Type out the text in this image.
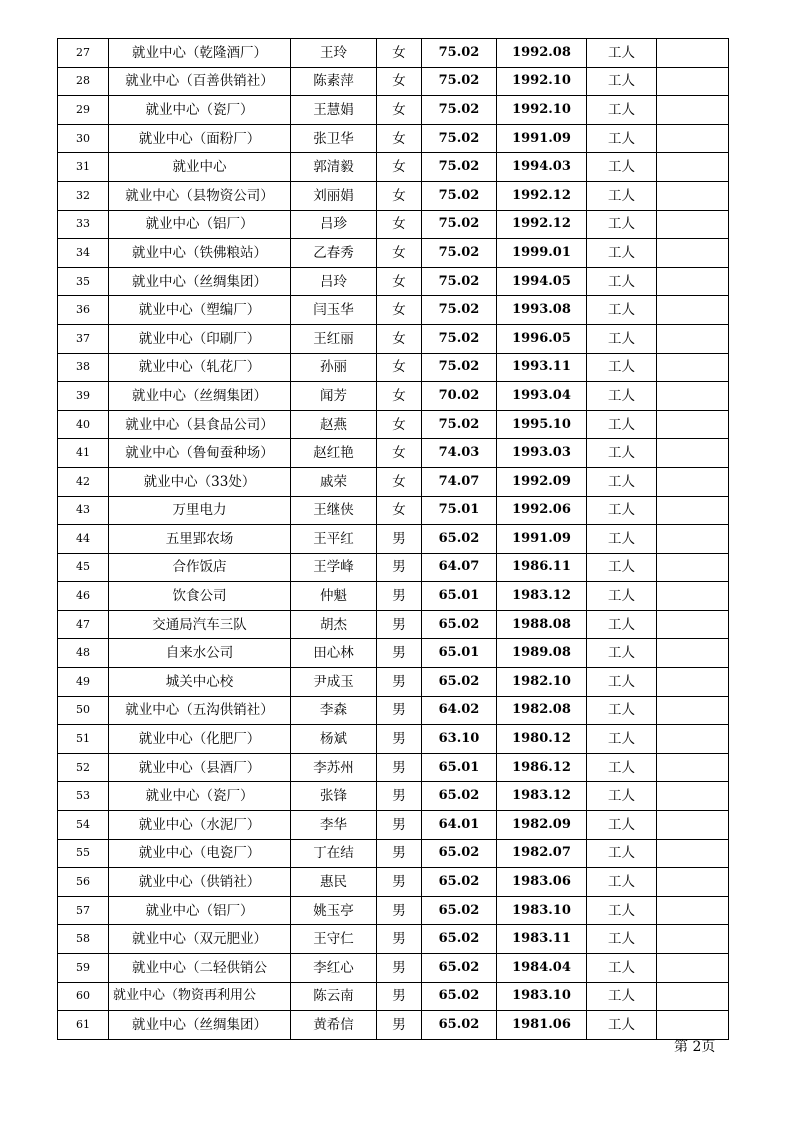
27	就业中心（乾隆酒厂）	王玲	女	75.02	1992.08	工人	
28	就业中心（百善供销社）	陈素萍	女	75.02	1992.10	工人	
29	就业中心（瓷厂）	王慧娟	女	75.02	1992.10	工人	
30	就业中心（面粉厂）	张卫华	女	75.02	1991.09	工人	
31	就业中心	郭清毅	女	75.02	1994.03	工人	
32	就业中心（县物资公司）	刘丽娟	女	75.02	1992.12	工人	
33	就业中心（铝厂）	吕珍	女	75.02	1992.12	工人	
34	就业中心（铁佛粮站）	乙春秀	女	75.02	1999.01	工人	
35	就业中心（丝绸集团）	吕玲	女	75.02	1994.05	工人	
36	就业中心（塑编厂）	闫玉华	女	75.02	1993.08	工人	
37	就业中心（印刷厂）	王红丽	女	75.02	1996.05	工人	
38	就业中心（轧花厂）	孙丽	女	75.02	1993.11	工人	
39	就业中心（丝绸集团）	闻芳	女	70.02	1993.04	工人	
40	就业中心（县食品公司）	赵燕	女	75.02	1995.10	工人	
41	就业中心（鲁甸蚕种场）	赵红艳	女	74.03	1993.03	工人	
42	就业中心（33处）	戚荣	女	74.07	1992.09	工人	
43	万里电力	王继侠	女	75.01	1992.06	工人	
44	五里郢农场	王平红	男	65.02	1991.09	工人	
45	合作饭店	王学峰	男	64.07	1986.11	工人	
46	饮食公司	仲魁	男	65.01	1983.12	工人	
47	交通局汽车三队	胡杰	男	65.02	1988.08	工人	
48	自来水公司	田心林	男	65.01	1989.08	工人	
49	城关中心校	尹成玉	男	65.02	1982.10	工人	
50	就业中心（五沟供销社）	李森	男	64.02	1982.08	工人	
51	就业中心（化肥厂）	杨斌	男	63.10	1980.12	工人	
52	就业中心（县酒厂）	李苏州	男	65.01	1986.12	工人	
53	就业中心（瓷厂）	张锋	男	65.02	1983.12	工人	
54	就业中心（水泥厂）	李华	男	64.01	1982.09	工人	
55	就业中心（电瓷厂）	丁在结	男	65.02	1982.07	工人	
56	就业中心（供销社）	惠民	男	65.02	1983.06	工人	
57	就业中心（铝厂）	姚玉亭	男	65.02	1983.10	工人	
58	就业中心（双元肥业）	王守仁	男	65.02	1983.11	工人	
59	就业中心（二轻供销公	李红心	男	65.02	1984.04	工人	
60	就业中心（物资再利用公	陈云南	男	65.02	1983.10	工人	
61	就业中心（丝绸集团）	黄希信	男	65.02	1981.06	工人	
第 2页
